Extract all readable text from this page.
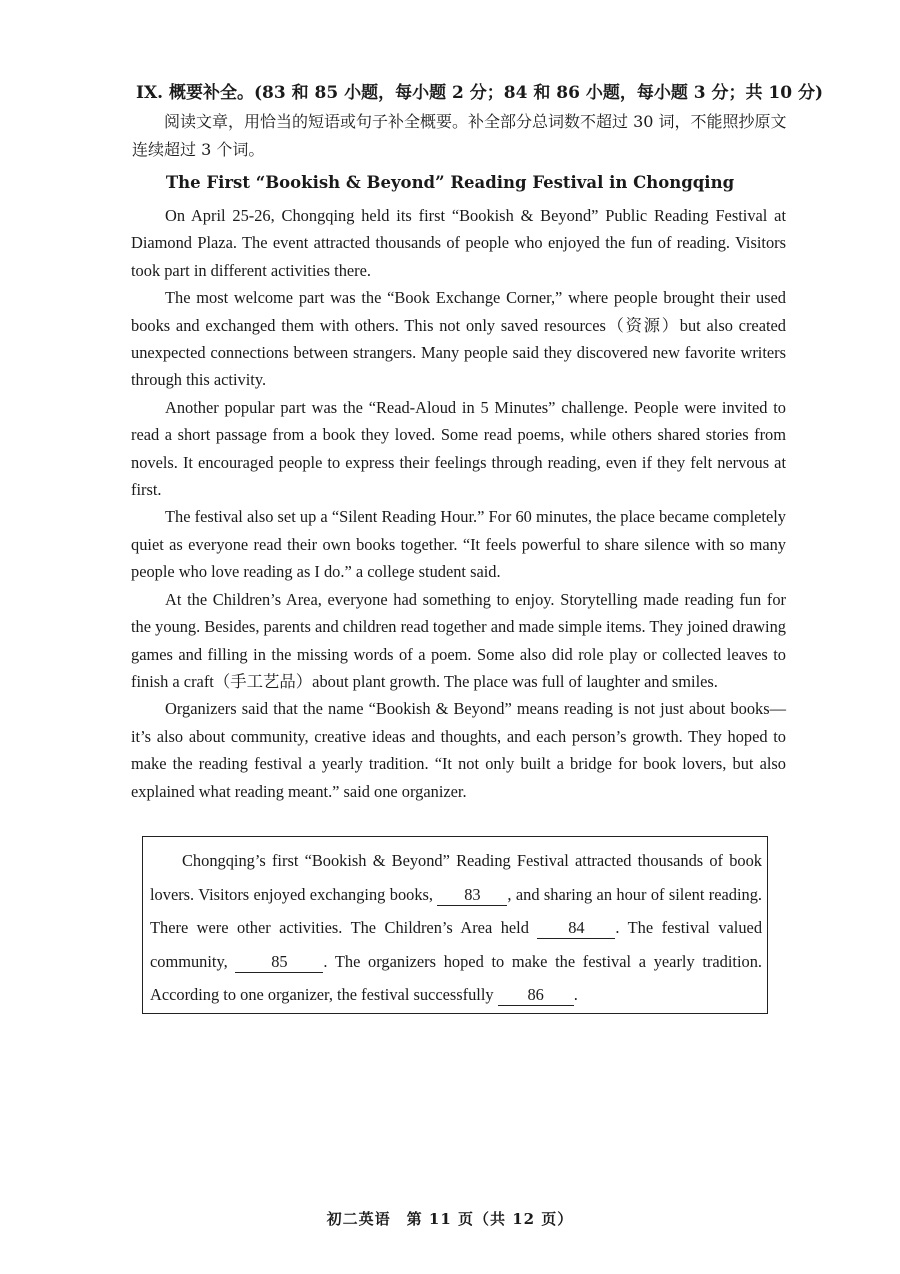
IX. 概要补全。(83 和 85 小题，每小题 2 分；84 和 86 小题，每小题 3 分；共 10 分)
阅读文章，用恰当的短语或句子补全概要。补全部分总词数不超过 30 词，不能照抄原文连续超过 3 个词。
The First “Bookish & Beyond” Reading Festival in Chongqing

On April 25-26, Chongqing held its first “Bookish & Beyond” Public Reading Festival at Diamond Plaza. The event attracted thousands of people who enjoyed the fun of reading. Visitors took part in different activities there.

The most welcome part was the “Book Exchange Corner,” where people brought their used books and exchanged them with others. This not only saved resources（资源）but also created unexpected connections between strangers. Many people said they discovered new favorite writers through this activity.

Another popular part was the “Read-Aloud in 5 Minutes” challenge. People were invited to read a short passage from a book they loved. Some read poems, while others shared stories from novels. It encouraged people to express their feelings through reading, even if they felt nervous at first.

The festival also set up a “Silent Reading Hour.” For 60 minutes, the place became completely quiet as everyone read their own books together. “It feels powerful to share silence with so many people who love reading as I do.” a college student said.

At the Children’s Area, everyone had something to enjoy. Storytelling made reading fun for the young. Besides, parents and children read together and made simple items. They joined drawing games and filling in the missing words of a poem. Some also did role play or collected leaves to finish a craft（手工艺品）about plant growth. The place was full of laughter and smiles.

Organizers said that the name “Bookish & Beyond” means reading is not just about books—it’s also about community, creative ideas and thoughts, and each person’s growth. They hoped to make the reading festival a yearly tradition. “It not only built a bridge for book lovers, but also explained what reading meant.” said one organizer.

Chongqing’s first “Bookish & Beyond” Reading Festival attracted thousands of book lovers. Visitors enjoyed exchanging books, 83 , and sharing an hour of silent reading. There were other activities. The Children’s Area held 84 . The festival valued community, 85 . The organizers hoped to make the festival a yearly tradition. According to one organizer, the festival successfully 86 .
初二英语　第 11 页（共 12 页）
